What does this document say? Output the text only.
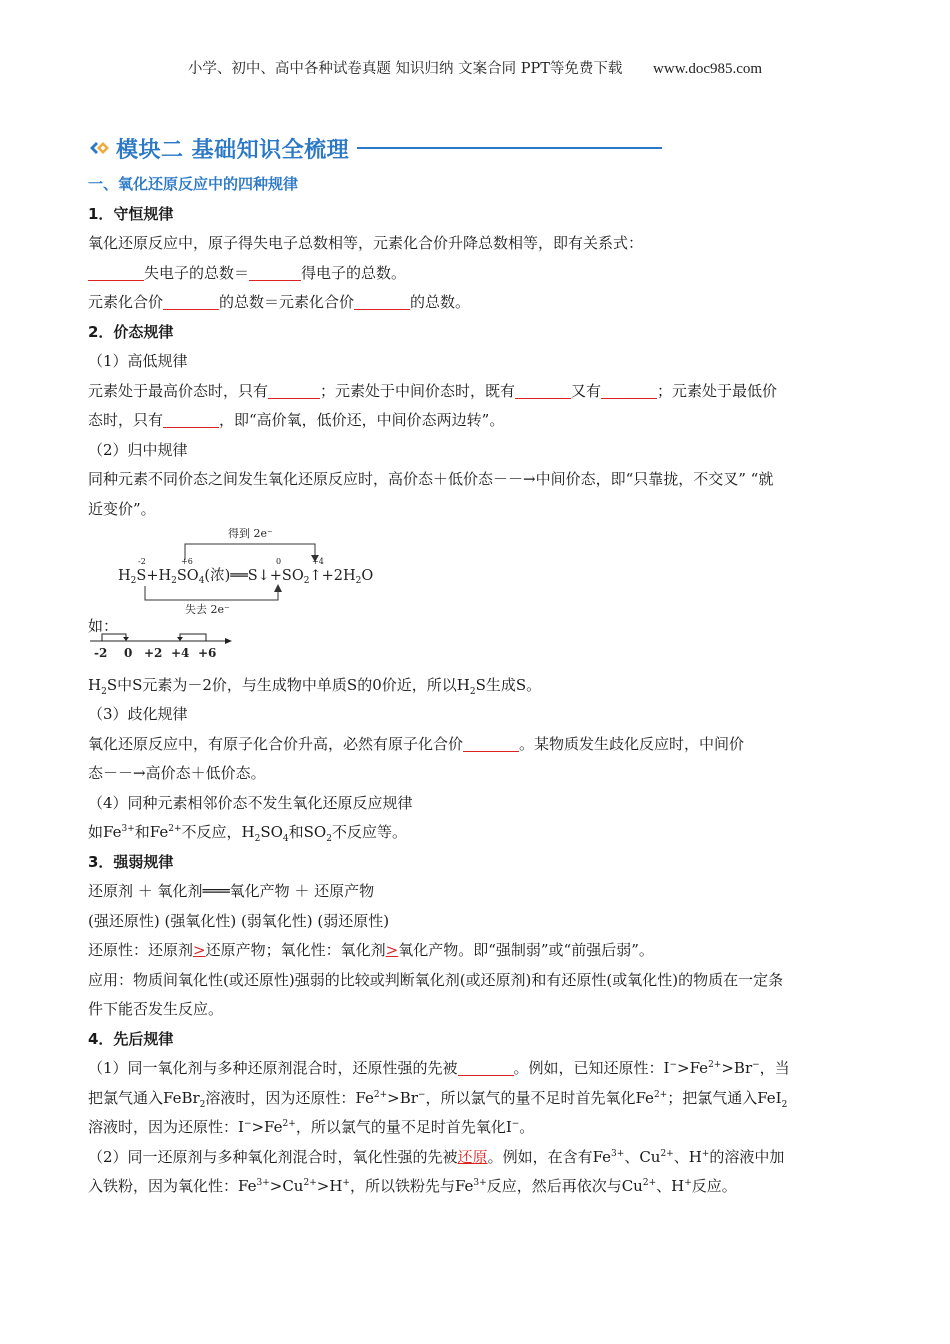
小学、初中、高中各种试卷真题 知识归纳 文案合同 PPT等免费下载 www.doc985.com
模块二 基础知识全梳理
一、氧化还原反应中的四种规律
1．守恒规律
氧化还原反应中，原子得失电子总数相等，元素化合价升降总数相等，即有关系式：
失电子的总数＝	得电子的总数。
元素化合价	的总数＝元素化合价	的总数。
2．价态规律
（1）高低规律
元素处于最高价态时，只有	；元素处于中间价态时，既有	又有	；元素处于最低价
态时，只有	，即“高价氧，低价还，中间价态两边转”。
（2）归中规律
同种元素不同价态之间发生氧化还原反应时，高价态＋低价态－－→中间价态，即“只靠拢，不交叉” “就
近变价”。
如：
$H_2S$中S元素为－2价，与生成物中单质S的0价近，所以$H_2S$生成S。
（3）歧化规律
氧化还原反应中，有原子化合价升高，必然有原子化合价	。某物质发生歧化反应时，中间价
态－－→高价态＋低价态。
（4）同种元素相邻价态不发生氧化还原反应规律
如$Fe^{3+}$和$Fe^{2+}$不反应，$H_2SO_4$和$SO_2$不反应等。
3．强弱规律
还原剂 ＋ 氧化剂═══氧化产物 ＋ 还原产物
(强还原性) (强氧化性) (弱氧化性) (弱还原性)
还原性：还原剂>还原产物；氧化性：氧化剂>氧化产物。即“强制弱”或“前强后弱”。
应用：物质间氧化性(或还原性)强弱的比较或判断氧化剂(或还原剂)和有还原性(或氧化性)的物质在一定条
件下能否发生反应。
4．先后规律
（1）同一氧化剂与多种还原剂混合时，还原性强的先被	。例如，已知还原性：$I^->Fe^{2+}>Br^-$，当
把氯气通入FeBr$_2$溶液时，因为还原性：$Fe^{2+}>Br^-$，所以氯气的量不足时首先氧化$Fe^{2+}$；把氯气通入FeI$_2$
溶液时，因为还原性：$I^->Fe^{2+}$，所以氯气的量不足时首先氧化I−。
（2）同一还原剂与多种氧化剂混合时，氧化性强的先被还原。例如，在含有$Fe^{3+}$、$Cu^{2+}$、H+的溶液中加
入铁粉，因为氧化性：$Fe^{3+}>Cu^{2+}>H^+$，所以铁粉先与$Fe^{3+}$反应，然后再依次与$Cu^{2+}$、H+反应。
得到 2e⁻
-2	+6	0	+4
$H_2S+H_2SO_4$(浓)$══S↓+SO_2↑+2H_2O$
失去 2e⁻
-2 0 +2 +4 +6
